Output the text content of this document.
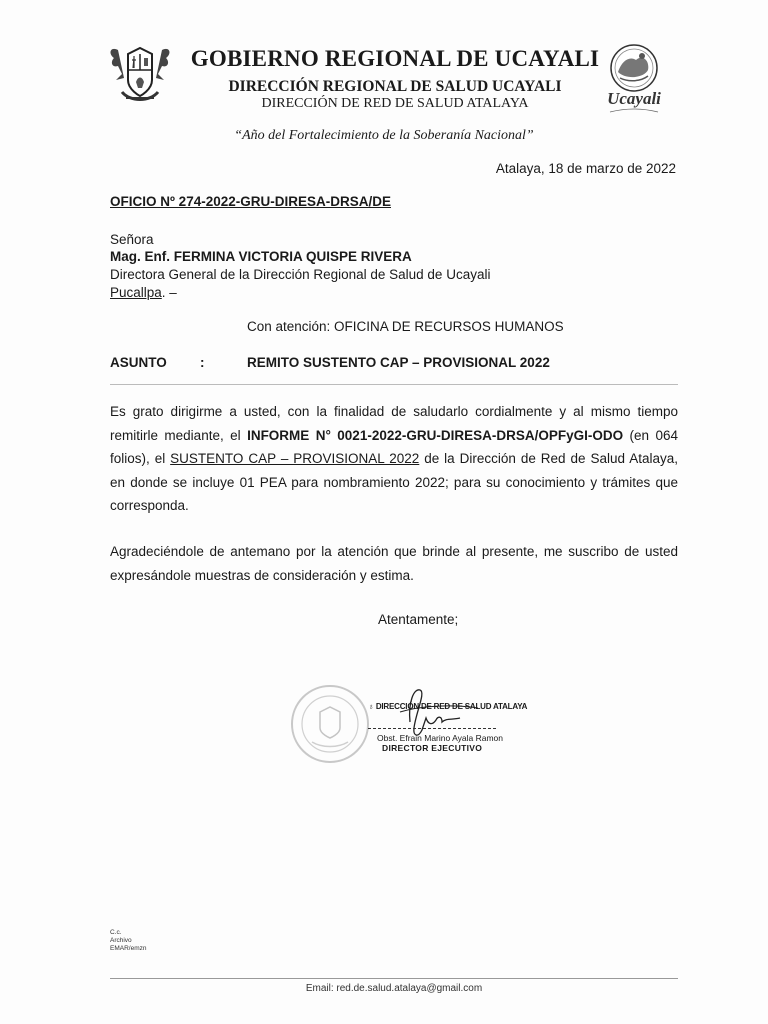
GOBIERNO REGIONAL DE UCAYALI
DIRECCIÓN REGIONAL DE SALUD UCAYALI
DIRECCIÓN DE RED DE SALUD ATALAYA	Ucayali
“Año del Fortalecimiento de la Soberanía Nacional”
Atalaya, 18 de marzo de 2022
OFICIO Nº 274-2022-GRU-DIRESA-DRSA/DE
Señora
Mag. Enf. FERMINA VICTORIA QUISPE RIVERA
Directora General de la Dirección Regional de Salud de Ucayali
Pucallpa. –
Con atención: OFICINA DE RECURSOS HUMANOS
ASUNTO :	REMITO SUSTENTO CAP – PROVISIONAL 2022
Es grato dirigirme a usted, con la finalidad de saludarlo cordialmente y al mismo tiempo remitirle mediante, el INFORME N° 0021-2022-GRU-DIRESA-DRSA/OPFyGI-ODO (en 064 folios), el SUSTENTO CAP – PROVISIONAL 2022 de la Dirección de Red de Salud Atalaya, en donde se incluye 01 PEA para nombramiento 2022; para su conocimiento y trámites que corresponda.
Agradeciéndole de antemano por la atención que brinde al presente, me suscribo de usted expresándole muestras de consideración y estima.
Atentamente;
♁ DIRECCIÓN DE RED DE SALUD ATALAYA
Obst. Efrain Marino Ayala Ramon
DIRECTOR EJECUTIVO
C.c.
Archivo
EMAR/emzn
Email: red.de.salud.atalaya@gmail.com
